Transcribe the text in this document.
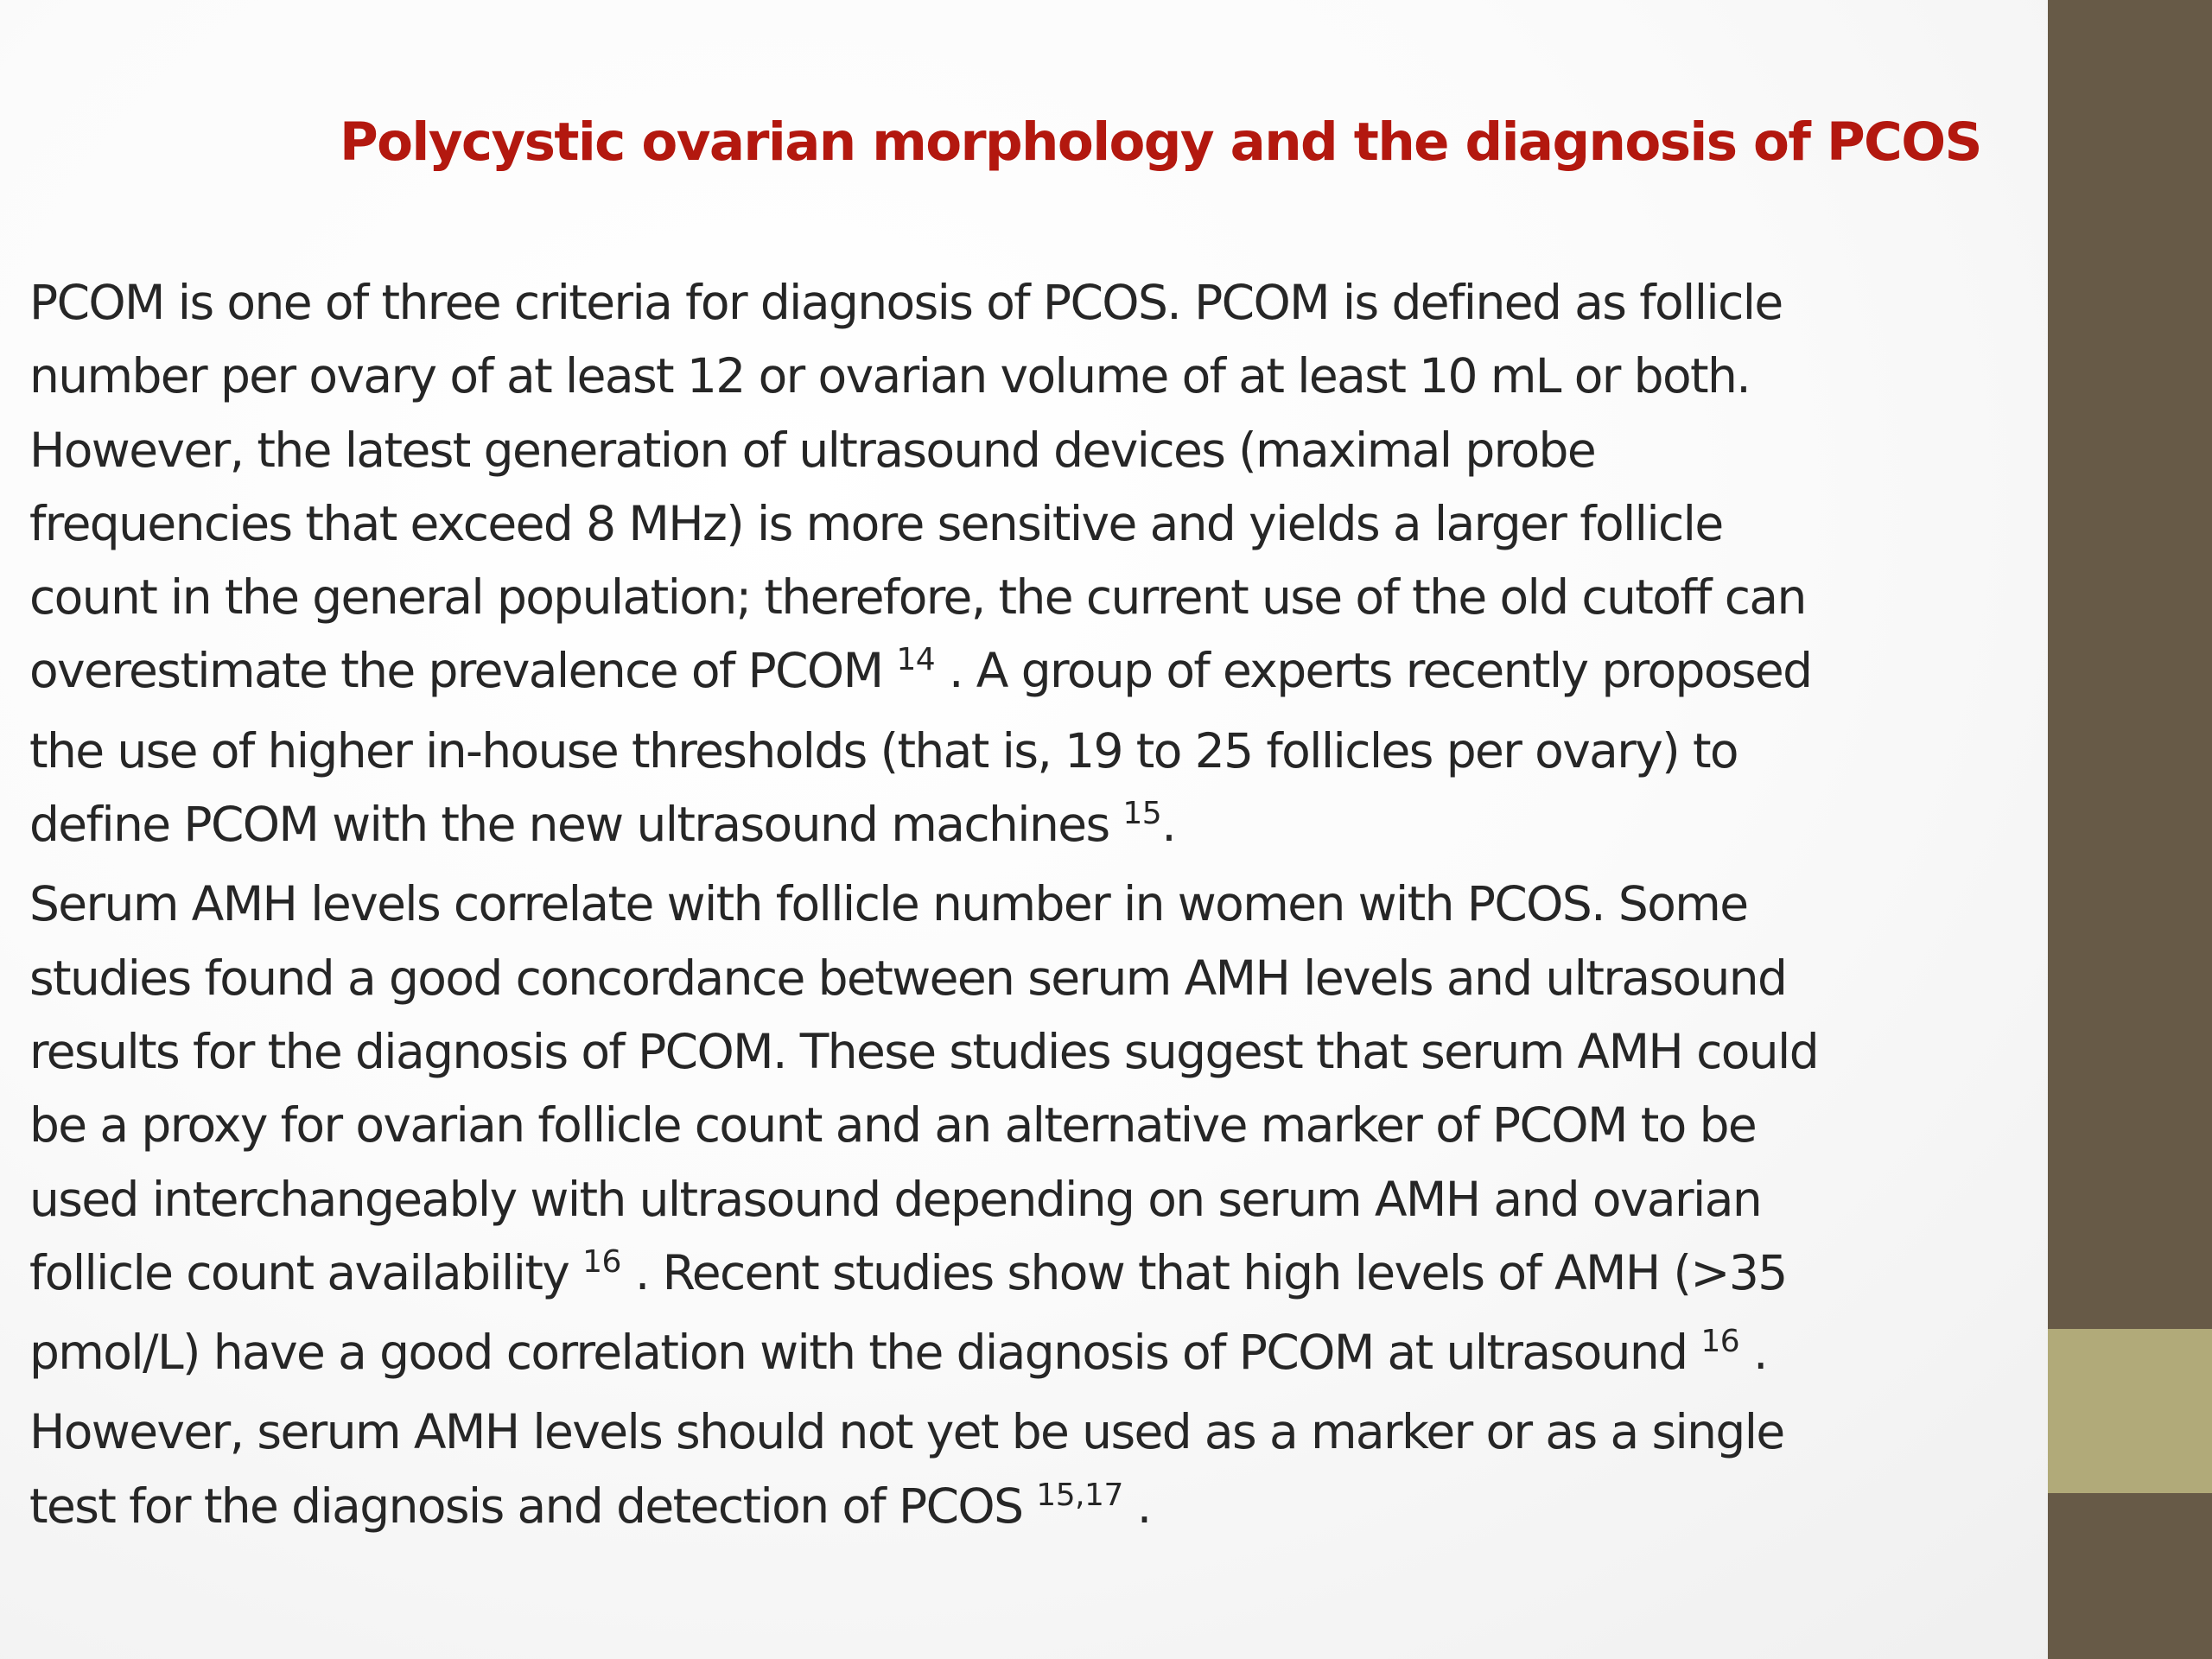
Polycystic ovarian morphology and the diagnosis of PCOS
PCOM is one of three criteria for diagnosis of PCOS. PCOM is defined as follicle
number per ovary of at least 12 or ovarian volume of at least 10 mL or both.
However, the latest generation of ultrasound devices (maximal probe
frequencies that exceed 8 MHz) is more sensitive and yields a larger follicle
count in the general population; therefore, the current use of the old cutoff can
overestimate the prevalence of PCOM $^{14}$ . A group of experts recently proposed
the use of higher in-house thresholds (that is, 19 to 25 follicles per ovary) to
define PCOM with the new ultrasound machines $^{15}$.
Serum AMH levels correlate with follicle number in women with PCOS. Some
studies found a good concordance between serum AMH levels and ultrasound
results for the diagnosis of PCOM. These studies suggest that serum AMH could
be a proxy for ovarian follicle count and an alternative marker of PCOM to be
used interchangeably with ultrasound depending on serum AMH and ovarian
follicle count availability $^{16}$ . Recent studies show that high levels of AMH (>35
pmol/L) have a good correlation with the diagnosis of PCOM at ultrasound $^{16}$ .
However, serum AMH levels should not yet be used as a marker or as a single
test for the diagnosis and detection of PCOS $^{15,17}$ .
